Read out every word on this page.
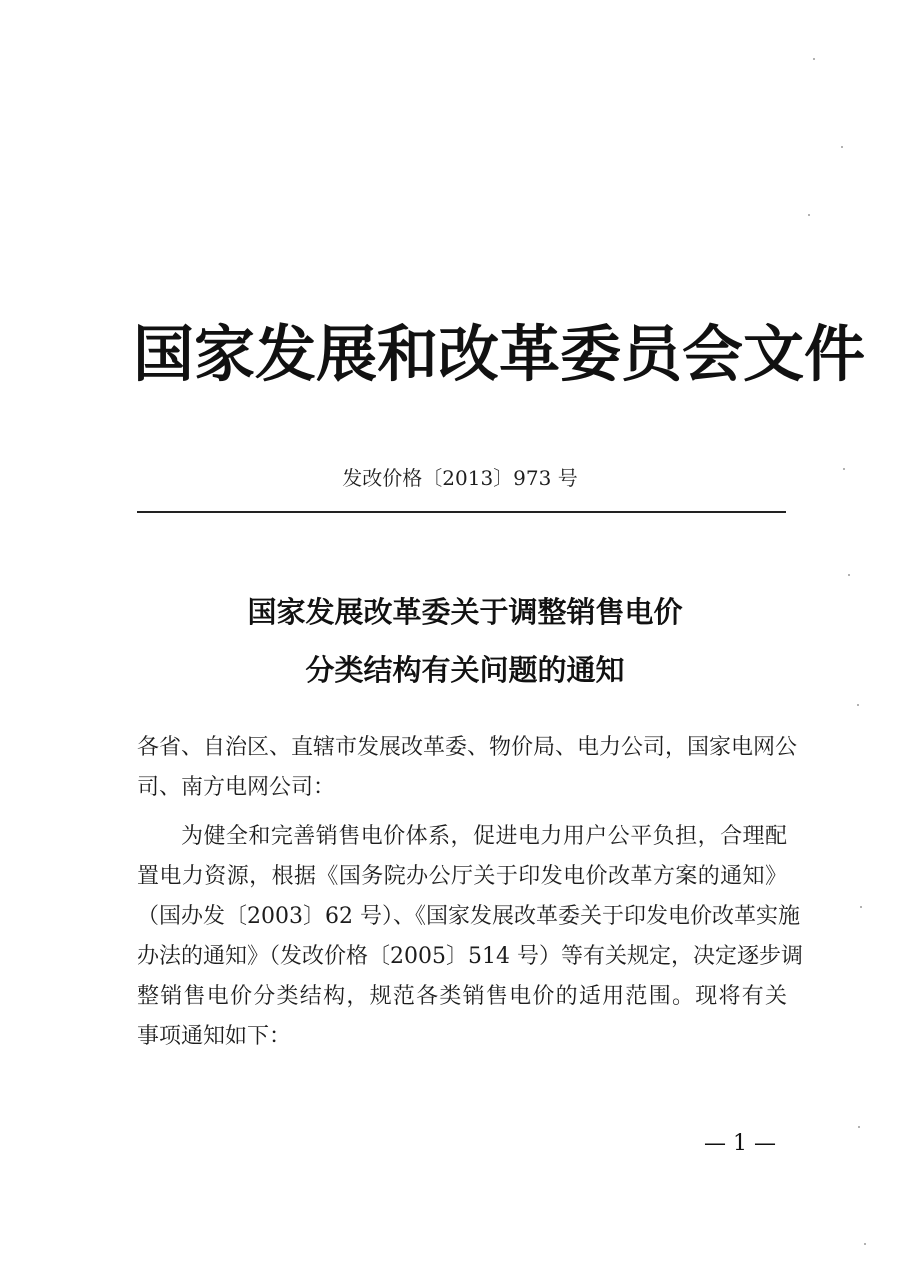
国家发展和改革委员会文件
发改价格〔2013〕973 号
国家发展改革委关于调整销售电价
分类结构有关问题的通知
各省、自治区、直辖市发展改革委、物价局、电力公司，国家电网公
司、南方电网公司：
为健全和完善销售电价体系，促进电力用户公平负担，合理配
置电力资源，根据《国务院办公厅关于印发电价改革方案的通知》
（国办发〔2003〕62 号）、《国家发展改革委关于印发电价改革实施
办法的通知》（发改价格〔2005〕514 号）等有关规定，决定逐步调
整销售电价分类结构，规范各类销售电价的适用范围。现将有关
事项通知如下：
— 1 —
